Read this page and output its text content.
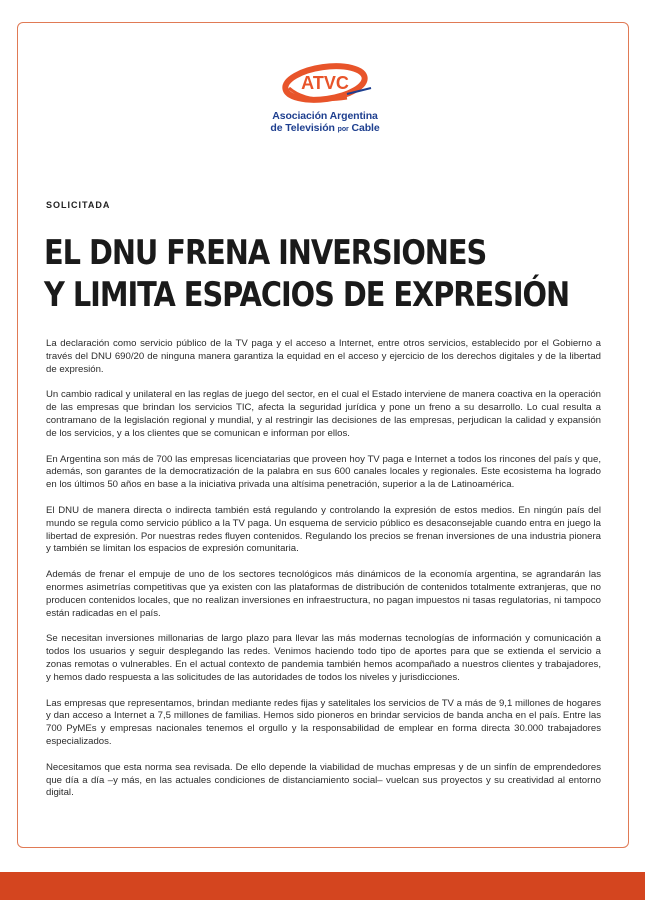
ATVC
Asociación Argentina
de Televisión por Cable
SOLICITADA
EL DNU FRENA INVERSIONES
Y LIMITA ESPACIOS DE EXPRESIÓN

La declaración como servicio público de la TV paga y el acceso a Internet, entre otros servicios, establecido por el Gobierno a través del DNU 690/20 de ninguna manera garantiza la equidad en el acceso y ejercicio de los derechos digitales y de la libertad de expresión.

Un cambio radical y unilateral en las reglas de juego del sector, en el cual el Estado interviene de manera coactiva en la operación de las empresas que brindan los servicios TIC, afecta la seguridad jurídica y pone un freno a su desarrollo. Lo cual resulta a contramano de la legislación regional y mundial, y al restringir las decisiones de las empresas, perjudican la calidad y expansión de los servicios, y a los clientes que se comunican e informan por ellos.

En Argentina son más de 700 las empresas licenciatarias que proveen hoy TV paga e Internet a todos los rincones del país y que, además, son garantes de la democratización de la palabra en sus 600 canales locales y regionales. Este ecosistema ha logrado en los últimos 50 años en base a la iniciativa privada una altísima penetración, superior a la de Latinoamérica.

El DNU de manera directa o indirecta también está regulando y controlando la expresión de estos medios. En ningún país del mundo se regula como servicio público a la TV paga. Un esquema de servicio público es desaconsejable cuando entra en juego la libertad de expresión. Por nuestras redes fluyen contenidos. Regulando los precios se frenan inversiones de una industria pionera y también se limitan los espacios de expresión comunitaria.

Además de frenar el empuje de uno de los sectores tecnológicos más dinámicos de la economía argentina, se agrandarán las enormes asimetrías competitivas que ya existen con las plataformas de distribución de contenidos totalmente extranjeras, que no producen contenidos locales, que no realizan inversiones en infraestructura, no pagan impuestos ni tasas regulatorias, ni tampoco están radicadas en el país.

Se necesitan inversiones millonarias de largo plazo para llevar las más modernas tecnologías de información y comunicación a todos los usuarios y seguir desplegando las redes. Venimos haciendo todo tipo de aportes para que se extienda el servicio a zonas remotas o vulnerables. En el actual contexto de pandemia también hemos acompañado a nuestros clientes y trabajadores, y hemos dado respuesta a las solicitudes de las autoridades de todos los niveles y jurisdicciones.

Las empresas que representamos, brindan mediante redes fijas y satelitales los servicios de TV a más de 9,1 millones de hogares y dan acceso a Internet a 7,5 millones de familias. Hemos sido pioneros en brindar servicios de banda ancha en el país. Entre las 700 PyMEs y empresas nacionales tenemos el orgullo y la responsabilidad de emplear en forma directa 30.000 trabajadores especializados.

Necesitamos que esta norma sea revisada. De ello depende la viabilidad de muchas empresas y de un sinfín de emprendedores que día a día –y más, en las actuales condiciones de distanciamiento social– vuelcan sus proyectos y su creatividad al entorno digital.
